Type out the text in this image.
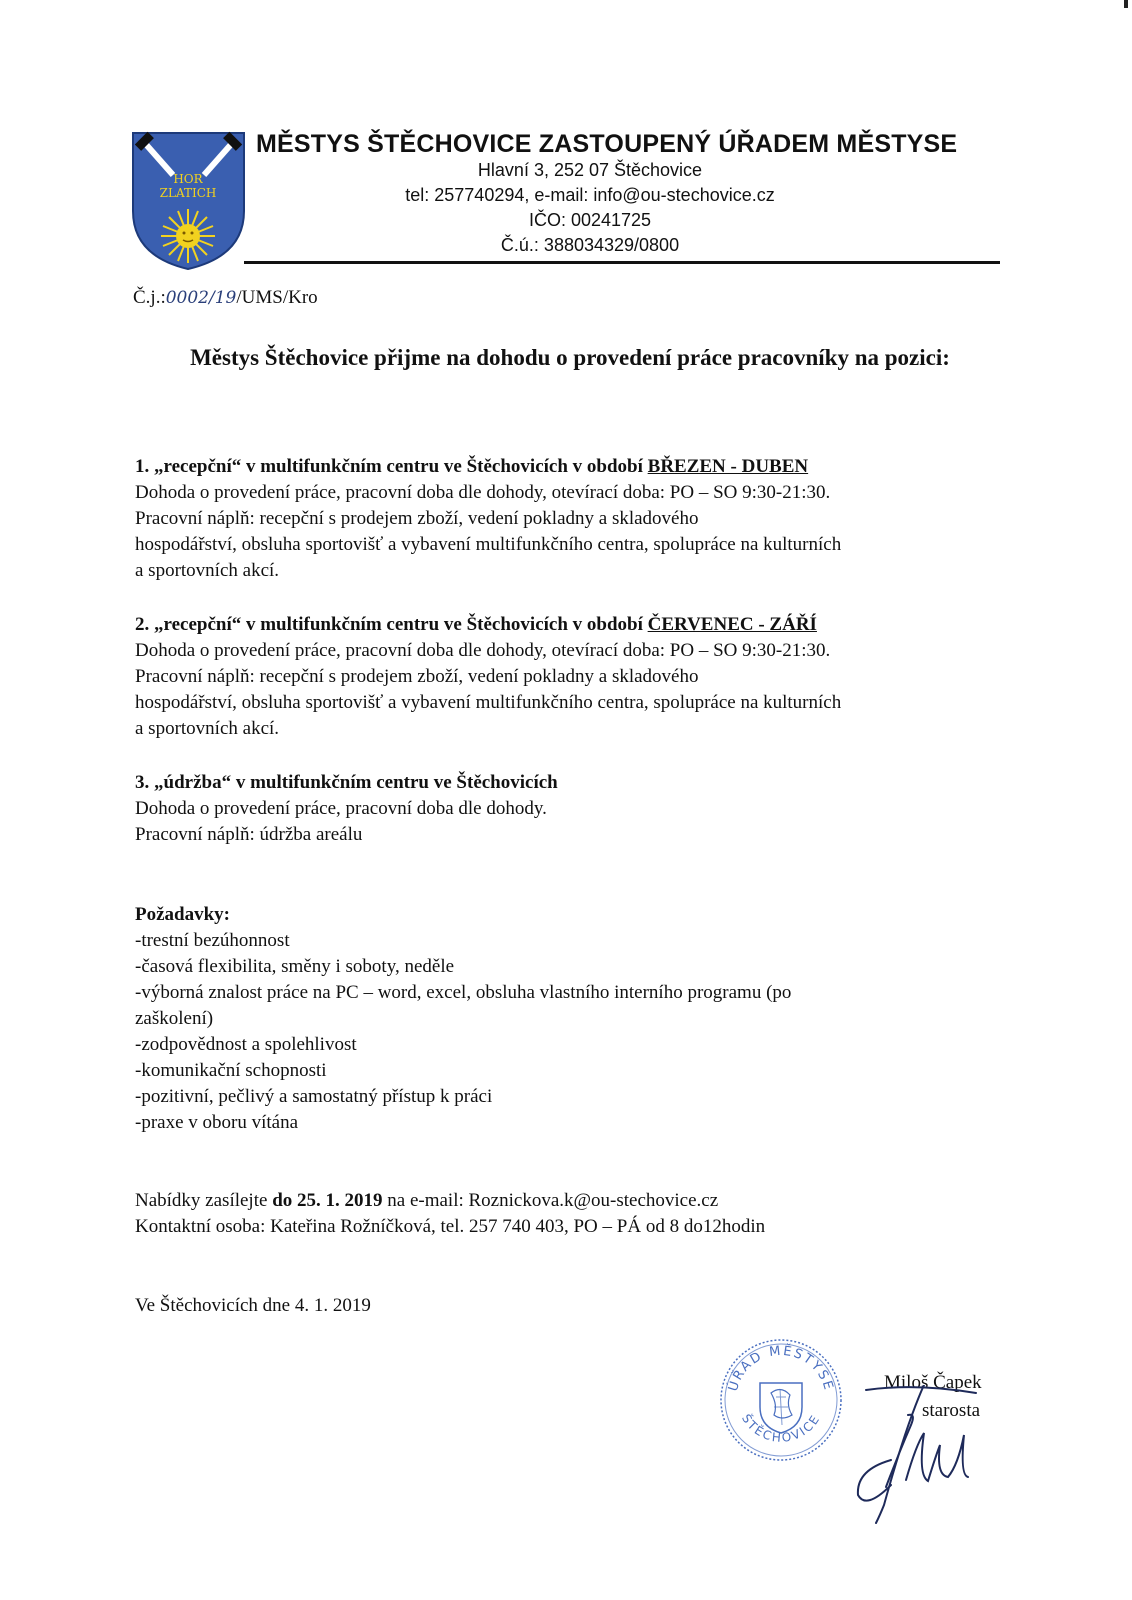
HOR
ZLATICH
MĚSTYS ŠTĚCHOVICE ZASTOUPENÝ ÚŘADEM MĚSTYSE
Hlavní 3, 252 07 Štěchovice
tel: 257740294, e-mail: info@ou-stechovice.cz
IČO: 00241725
Č.ú.: 388034329/0800
Č.j.:0002/19/UMS/Kro
Městys Štěchovice přijme na dohodu o provedení práce pracovníky na pozici:

1. „recepční“ v multifunkčním centru ve Štěchovicích v období BŘEZEN - DUBEN

Dohoda o provedení práce, pracovní doba dle dohody, otevírací doba: PO – SO 9:30-21:30.

Pracovní náplň: recepční s prodejem zboží, vedení pokladny a skladového

hospodářství, obsluha sportovišť a vybavení multifunkčního centra, spolupráce na kulturních

a sportovních akcí.

2. „recepční“ v multifunkčním centru ve Štěchovicích v období ČERVENEC - ZÁŘÍ

Dohoda o provedení práce, pracovní doba dle dohody, otevírací doba: PO – SO 9:30-21:30.

Pracovní náplň: recepční s prodejem zboží, vedení pokladny a skladového

hospodářství, obsluha sportovišť a vybavení multifunkčního centra, spolupráce na kulturních

a sportovních akcí.

3. „údržba“ v multifunkčním centru ve Štěchovicích

Dohoda o provedení práce, pracovní doba dle dohody.

Pracovní náplň: údržba areálu

Požadavky:

-trestní bezúhonnost

-časová flexibilita, směny i soboty, neděle

-výborná znalost práce na PC – word, excel, obsluha vlastního interního programu (po

zaškolení)

-zodpovědnost a spolehlivost

-komunikační schopnosti

-pozitivní, pečlivý a samostatný přístup k práci

-praxe v oboru vítána

Nabídky zasílejte do 25. 1. 2019 na e-mail: Roznickova.k@ou-stechovice.cz

Kontaktní osoba: Kateřina Rožníčková, tel. 257 740 403, PO – PÁ od 8 do12hodin

Ve Štěchovicích dne 4. 1. 2019

ÚŘAD MĚSTYSE
ŠTĚCHOVICE
Miloš Čapek
starosta
